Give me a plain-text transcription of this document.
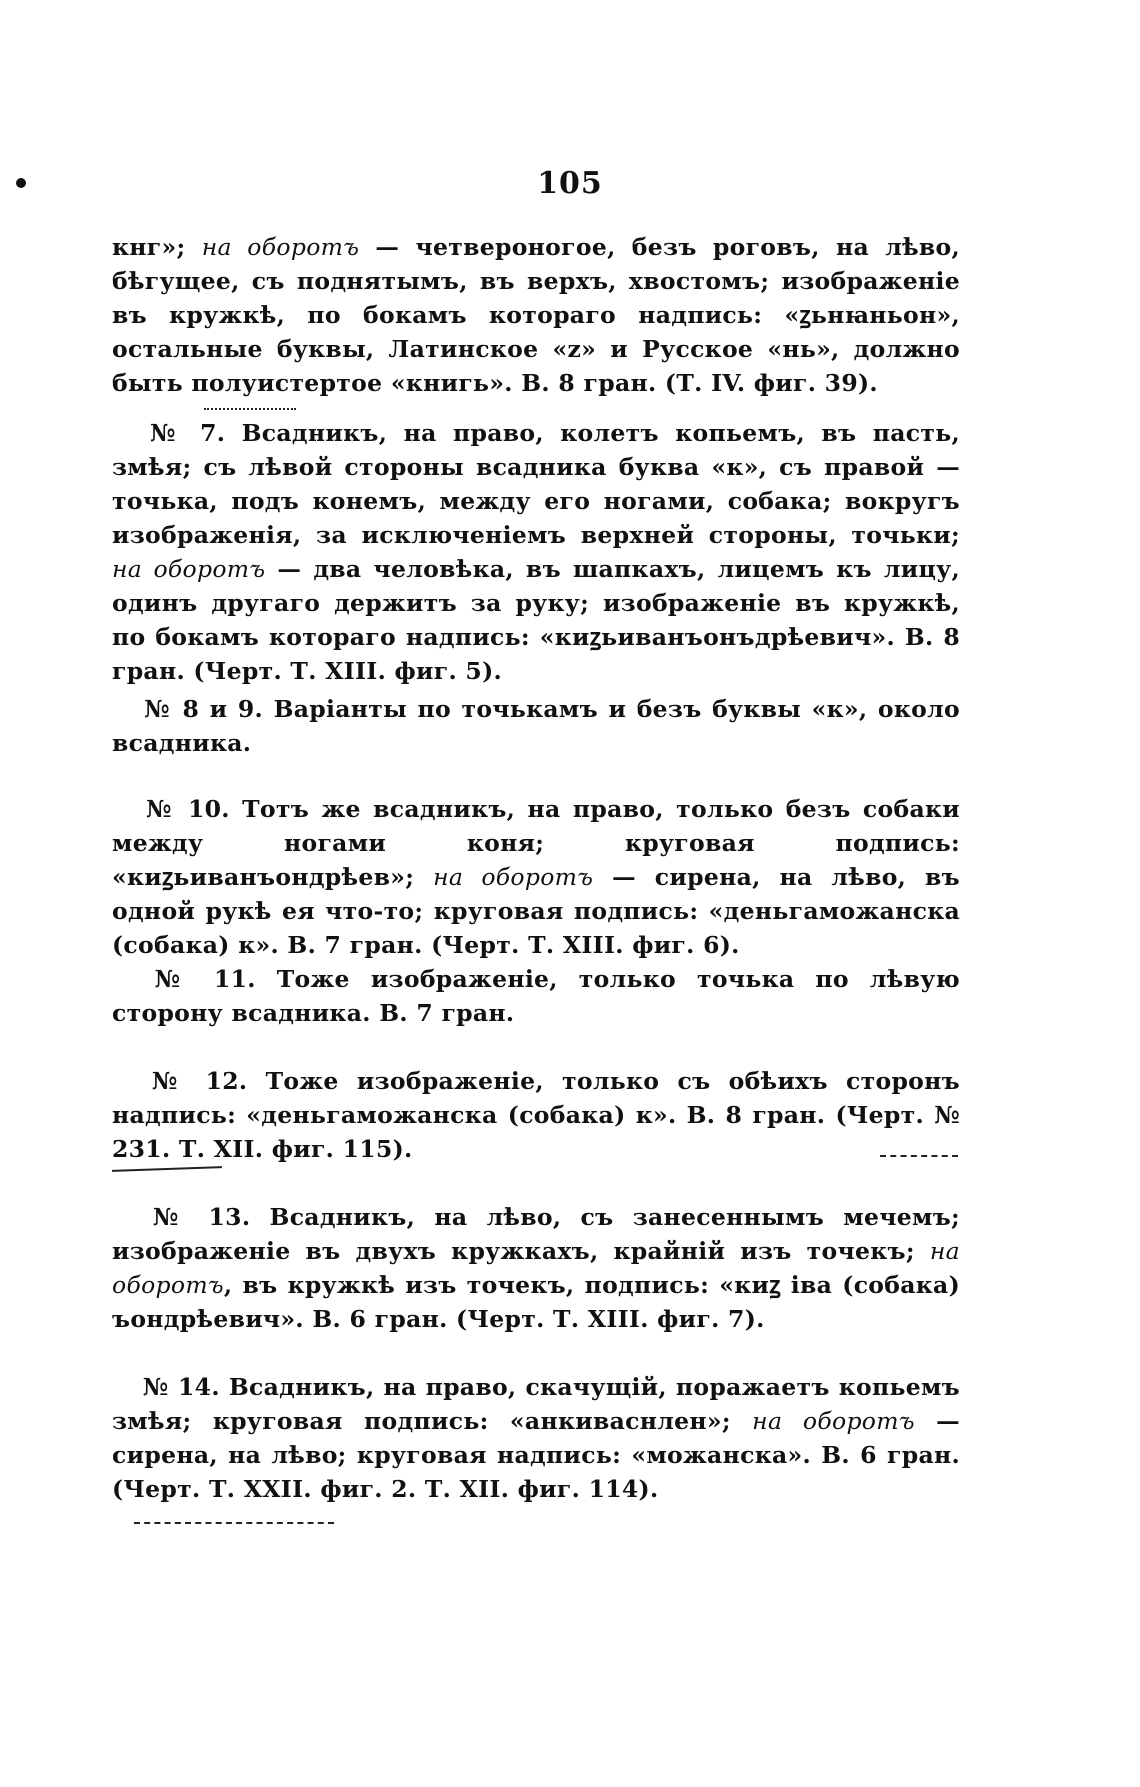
105

кнг»; на оборотъ — четвероногое, безъ роговъ, на лѣво, бѣгущее, съ поднятымъ, въ верхъ, хвостомъ; изображеніе въ кружкѣ, по бокамъ котораго надпись: «ꙁьнꙗньон», остальные буквы, Латинское «z» и Русское «нь», должно быть полуистертое «книгь». В. 8 гран. (Т. IV. фиг. 39).

№ 7. Всадникъ, на право, колетъ копьемъ, въ пасть, змѣя; съ лѣвой стороны всадника буква «к», съ правой — точька, подъ конемъ, между его ногами, собака; вокругъ изображенія, за исключеніемъ верхней стороны, точьки; на оборотъ — два человѣка, въ шапкахъ, лицемъ къ лицу, одинъ другаго держитъ за руку; изображеніе въ кружкѣ, по бокамъ котораго надпись: «киꙁьиванъонъдрѣевич». В. 8 гран. (Черт. Т. XIII. фиг. 5).

№ 8 и 9. Варіанты по точькамъ и безъ буквы «к», около всадника.

№ 10. Тотъ же всадникъ, на право, только безъ собаки между ногами коня; круговая подпись: «киꙁьиванъондрѣев»; на оборотъ — сирена, на лѣво, въ одной рукѣ ея что-то; круговая подпись: «деньгаможанска (собака) к». В. 7 гран. (Черт. Т. XIII. фиг. 6).

№ 11. Тоже изображеніе, только точька по лѣвую сторону всадника. В. 7 гран.

№ 12. Тоже изображеніе, только съ обѣихъ сторонъ надпись: «деньгаможанска (собака) к». В. 8 гран. (Черт. № 231. Т. XII. фиг. 115).

№ 13. Всадникъ, на лѣво, съ занесеннымъ мечемъ; изображеніе въ двухъ кружкахъ, крайній изъ точекъ; на оборотъ, въ кружкѣ изъ точекъ, подпись: «киꙁ іва (собака) ъондрѣевич». В. 6 гран. (Черт. Т. XIII. фиг. 7).

№ 14. Всадникъ, на право, скачущій, поражаетъ копьемъ змѣя; круговая подпись: «анкиваснлен»; на оборотъ — сирена, на лѣво; круговая надпись: «можанска». В. 6 гран. (Черт. Т. XXII. фиг. 2. Т. XII. фиг. 114).
